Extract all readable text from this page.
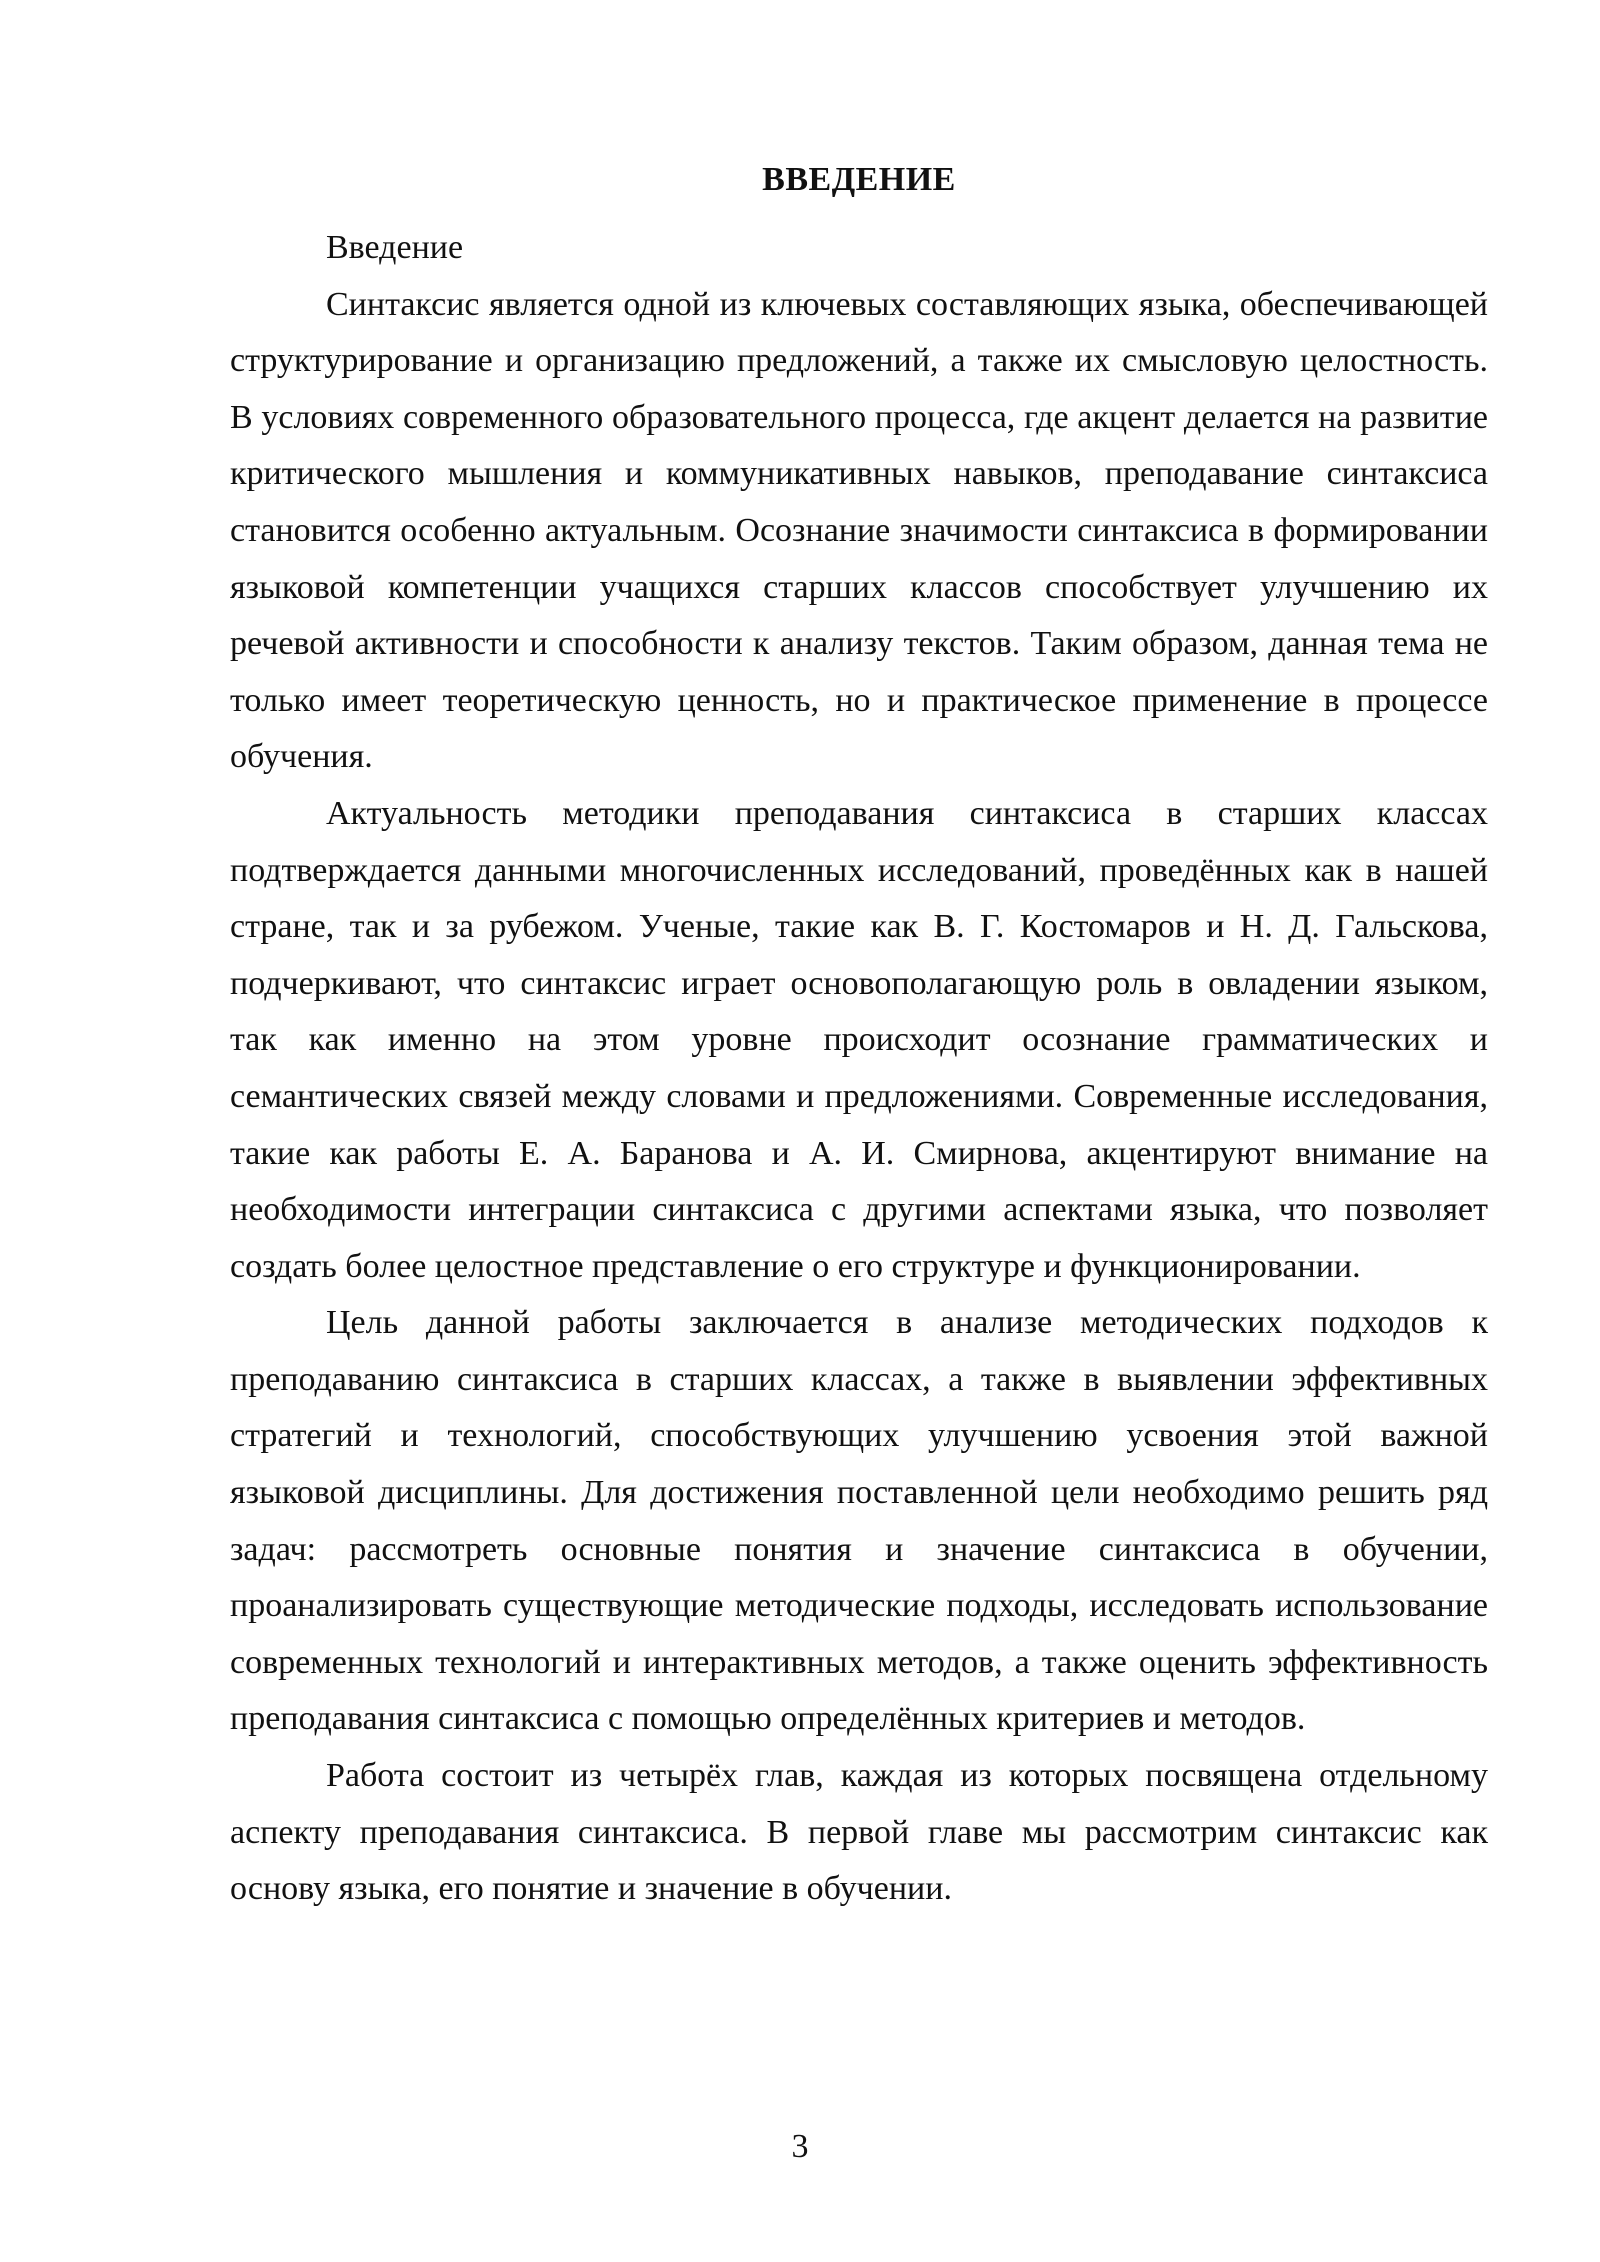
ВВЕДЕНИЕ

Введение

Синтаксис является одной из ключевых составляющих языка, обеспечивающей структурирование и организацию предложений, а также их смысловую целостность. В условиях современного образовательного процесса, где акцент делается на развитие критического мышления и коммуникативных навыков, преподавание синтаксиса становится особенно актуальным. Осознание значимости синтаксиса в формировании языковой компетенции учащихся старших классов способствует улучшению их речевой активности и способности к анализу текстов. Таким образом, данная тема не только имеет теоретическую ценность, но и практическое применение в процессе обучения.

Актуальность методики преподавания синтаксиса в старших классах подтверждается данными многочисленных исследований, проведённых как в нашей стране, так и за рубежом. Ученые, такие как В. Г. Костомаров и Н. Д. Гальскова, подчеркивают, что синтаксис играет основополагающую роль в овладении языком, так как именно на этом уровне происходит осознание грамматических и семантических связей между словами и предложениями. Современные исследования, такие как работы Е. А. Баранова и А. И. Смирнова, акцентируют внимание на необходимости интеграции синтаксиса с другими аспектами языка, что позволяет создать более целостное представление о его структуре и функционировании.

Цель данной работы заключается в анализе методических подходов к преподаванию синтаксиса в старших классах, а также в выявлении эффективных стратегий и технологий, способствующих улучшению усвоения этой важной языковой дисциплины. Для достижения поставленной цели необходимо решить ряд задач: рассмотреть основные понятия и значение синтаксиса в обучении, проанализировать существующие методические подходы, исследовать использование современных технологий и интерактивных методов, а также оценить эффективность преподавания синтаксиса с помощью определённых критериев и методов.

Работа состоит из четырёх глав, каждая из которых посвящена отдельному аспекту преподавания синтаксиса. В первой главе мы рассмотрим синтаксис как основу языка, его понятие и значение в обучении.

3
